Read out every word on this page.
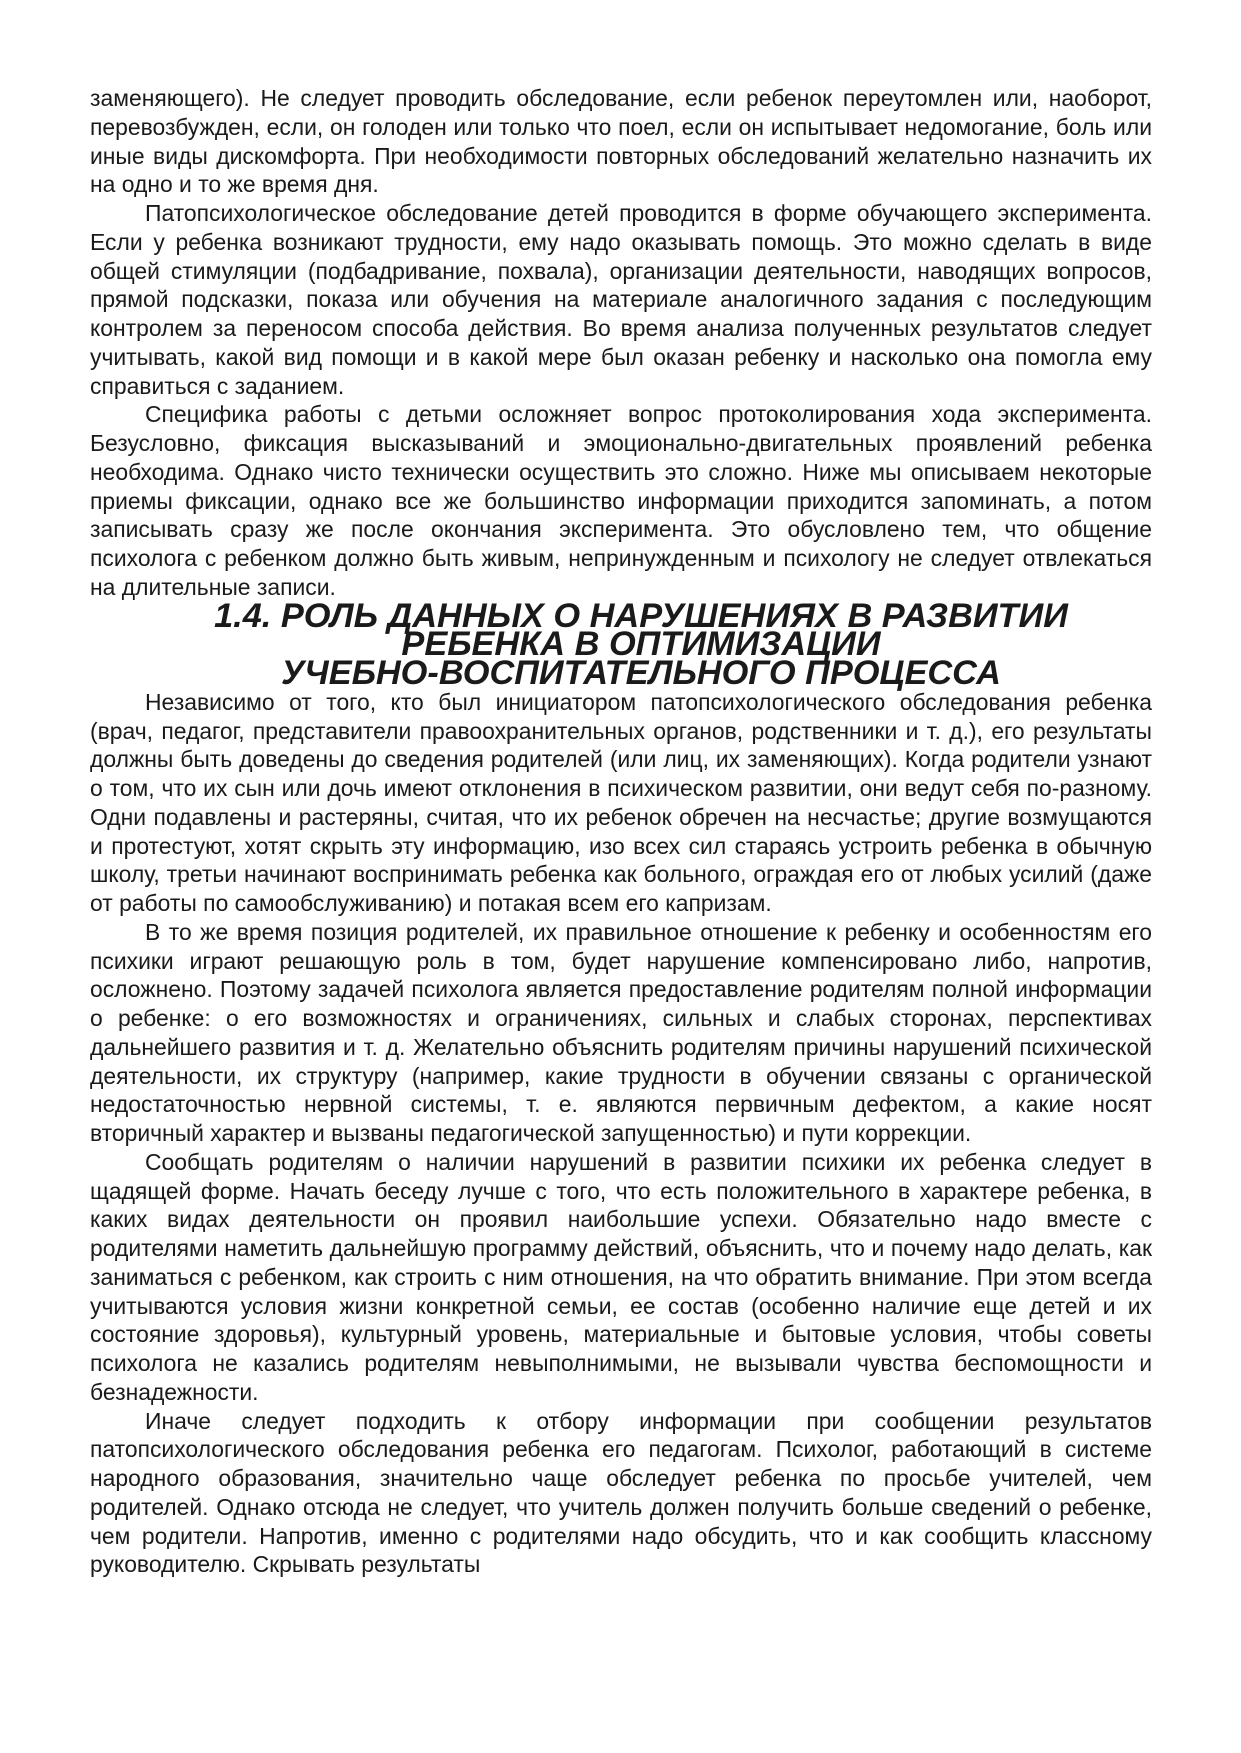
заменяющего). Не следует проводить обследование, если ребенок переутомлен или, наоборот, перевозбужден, если, он голоден или только что поел, если он испытывает недомогание, боль или иные виды дискомфорта. При необходимости повторных обследований желательно назначить их на одно и то же время дня.

Патопсихологическое обследование детей проводится в форме обучающего эксперимента. Если у ребенка возникают трудности, ему надо оказывать помощь. Это можно сделать в виде общей стимуляции (подбадривание, похвала), организации деятельности, наводящих вопросов, прямой подсказки, показа или обучения на материале аналогичного задания с последующим контролем за переносом способа действия. Во время анализа полученных результатов следует учитывать, какой вид помощи и в какой мере был оказан ребенку и насколько она помогла ему справиться с заданием.

Специфика работы с детьми осложняет вопрос протоколирования хода эксперимента. Безусловно, фиксация высказываний и эмоционально-двигательных проявлений ребенка необходима. Однако чисто технически осуществить это сложно. Ниже мы описываем некоторые приемы фиксации, однако все же большинство информации приходится запоминать, а потом записывать сразу же после окончания эксперимента. Это обусловлено тем, что общение психолога с ребенком должно быть живым, непринужденным и психологу не следует отвлекаться на длительные записи.

1.4. РОЛЬ ДАННЫХ О НАРУШЕНИЯХ В РАЗВИТИИ РЕБЕНКА В ОПТИМИЗАЦИИ
УЧЕБНО-ВОСПИТАТЕЛЬНОГО ПРОЦЕССА

Независимо от того, кто был инициатором патопсихологического обследования ребенка (врач, педагог, представители правоохранительных органов, родственники и т. д.), его результаты должны быть доведены до сведения родителей (или лиц, их заменяющих). Когда родители узнают о том, что их сын или дочь имеют отклонения в психическом развитии, они ведут себя по-разному. Одни подавлены и растеряны, считая, что их ребенок обречен на несчастье; другие возмущаются и протестуют, хотят скрыть эту информацию, изо всех сил стараясь устроить ребенка в обычную школу, третьи начинают воспринимать ребенка как больного, ограждая его от любых усилий (даже от работы по самообслуживанию) и потакая всем его капризам.

В то же время позиция родителей, их правильное отношение к ребенку и особенностям его психики играют решающую роль в том, будет нарушение компенсировано либо, напротив, осложнено. Поэтому задачей психолога является предоставление родителям полной информации о ребенке: о его возможностях и ограничениях, сильных и слабых сторонах, перспективах дальнейшего развития и т. д. Желательно объяснить родителям причины нарушений психической деятельности, их структуру (например, какие трудности в обучении связаны с органической недостаточностью нервной системы, т. е. являются первичным дефектом, а какие носят вторичный характер и вызваны педагогической запущенностью) и пути коррекции.

Сообщать родителям о наличии нарушений в развитии психики их ребенка следует в щадящей форме. Начать беседу лучше с того, что есть положительного в характере ребенка, в каких видах деятельности он проявил наибольшие успехи. Обязательно надо вместе с родителями наметить дальнейшую программу действий, объяснить, что и почему надо делать, как заниматься с ребенком, как строить с ним отношения, на что обратить внимание. При этом всегда учитываются условия жизни конкретной семьи, ее состав (особенно наличие еще детей и их состояние здоровья), культурный уровень, материальные и бытовые условия, чтобы советы психолога не казались родителям невыполнимыми, не вызывали чувства беспомощности и безнадежности.

Иначе следует подходить к отбору информации при сообщении результатов патопсихологического обследования ребенка его педагогам. Психолог, работающий в системе народного образования, значительно чаще обследует ребенка по просьбе учителей, чем родителей. Однако отсюда не следует, что учитель должен получить больше сведений о ребенке, чем родители. Напротив, именно с родителями надо обсудить, что и как сообщить классному руководителю. Скрывать результаты
